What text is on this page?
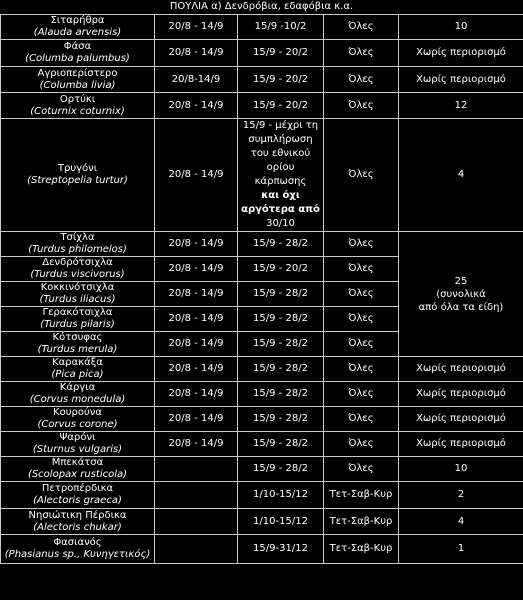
ΠΟΥΛΙΑ α) Δενδρόβια, εδαφόβια κ.α.
Σιταρήθρα
(Alauda arvensis)	20/8 - 14/9	15/9 -10/2	Όλες	10

Φάσα
(Columba palumbus)	20/8 - 14/9	15/9 - 20/2	Όλες	Χωρίς περιορισμό

Αγριοπερίστερο
(Columba livia)	20/8-14/9	15/9 - 20/2	Όλες	Χωρίς περιορισμό

Ορτύκι
(Coturnix coturnix)	20/8 - 14/9	15/9 - 20/2	Όλες	12

Τρυγόνι
(Streptopelia turtur)	20/8 - 14/9	15/9 - μέχρι τη συμπλήρωση του εθνικού ορίου κάρπωσης
και όχι αργότερα από
30/10	Όλες	4

Τσίχλα
(Turdus philomelos)	20/8 - 14/9	15/9 - 28/2	Όλες	25
(συνολικά
από όλα τα είδη)

Δενδρότσιχλα
(Turdus viscivorus)	20/8 - 14/9	15/9 - 20/2	Όλες	

Κοκκινότσιχλα
(Turdus iliacus)	20/8 - 14/9	15/9 - 28/2	Όλες	

Γερακότσιχλα
(Turdus pilaris)	20/8 - 14/9	15/9 - 28/2	Όλες	

Κότσυφας
(Turdus merula)	20/8 - 14/9	15/9 - 28/2	Όλες	

Καρακάξα
(Pica pica)	20/8 - 14/9	15/9 - 28/2	Όλες	Χωρίς περιορισμό

Κάργια
(Corvus monedula)	20/8 - 14/9	15/9 - 28/2	Όλες	Χωρίς περιορισμό

Κουρούνα
(Corvus corone)	20/8 - 14/9	15/9 - 28/2	Όλες	Χωρίς περιορισμό

Ψαρόνι
(Sturnus vulgaris)	20/8 - 14/9	15/9 - 28/2	Όλες	Χωρίς περιορισμό

Μπεκάτσα
(Scolopax rusticola)		15/9 - 28/2	Όλες	10

Πετροπέρδικα
(Alectoris graeca)		1/10-15/12	Τετ-Σαβ-Κυρ	2

Νησιώτικη Πέρδικα
(Alectoris chukar)		1/10-15/12	Τετ-Σαβ-Κυρ	4

Φασιανός
(Phasianus sp., Κυνηγετικός)		15/9-31/12	Τετ-Σαβ-Κυρ	1
